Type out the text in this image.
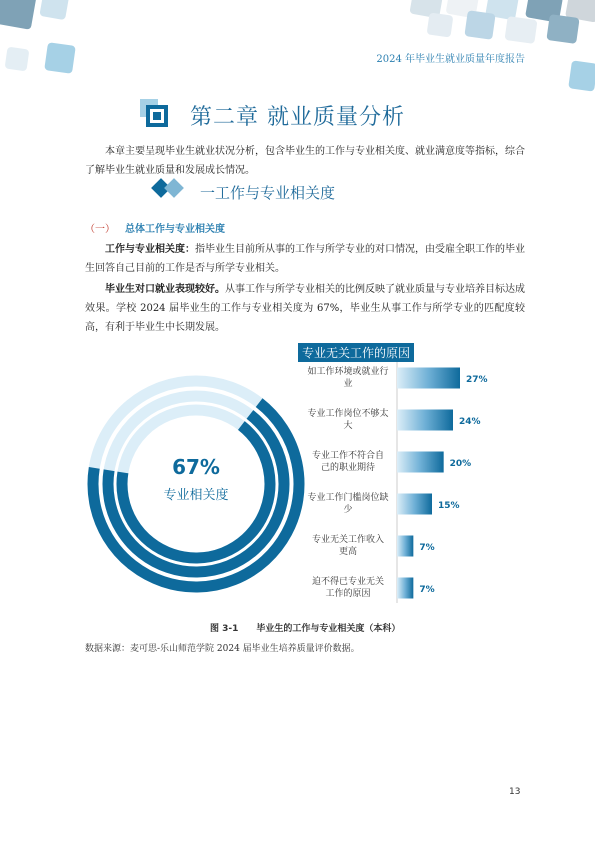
2024 年毕业生就业质量年度报告
第二章 就业质量分析

本章主要呈现毕业生就业状况分析，包含毕业生的工作与专业相关度、就业满意度等指标，综合了解毕业生就业质量和发展成长情况。

一工作与专业相关度
（一） 总体工作与专业相关度

工作与专业相关度：指毕业生目前所从事的工作与所学专业的对口情况，由受雇全职工作的毕业生回答自己目前的工作是否与所学专业相关。

毕业生对口就业表现较好。从事工作与所学专业相关的比例反映了就业质量与专业培养目标达成效果。学校 2024 届毕业生的工作与专业相关度为 67%，毕业生从事工作与所学专业的匹配度较高，有利于毕业生中长期发展。

67%
专业相关度
专业无关工作的原因
27%
如工作环境或就业行
业
24%
专业工作岗位不够太
大
20%
专业工作不符合自
己的职业期待
15%
专业工作门槛岗位缺
少
7%
专业无关工作收入
更高
7%
迫不得已专业无关
工作的原因
图 3-1 毕业生的工作与专业相关度（本科）
数据来源：麦可思-乐山师范学院 2024 届毕业生培养质量评价数据。
13
